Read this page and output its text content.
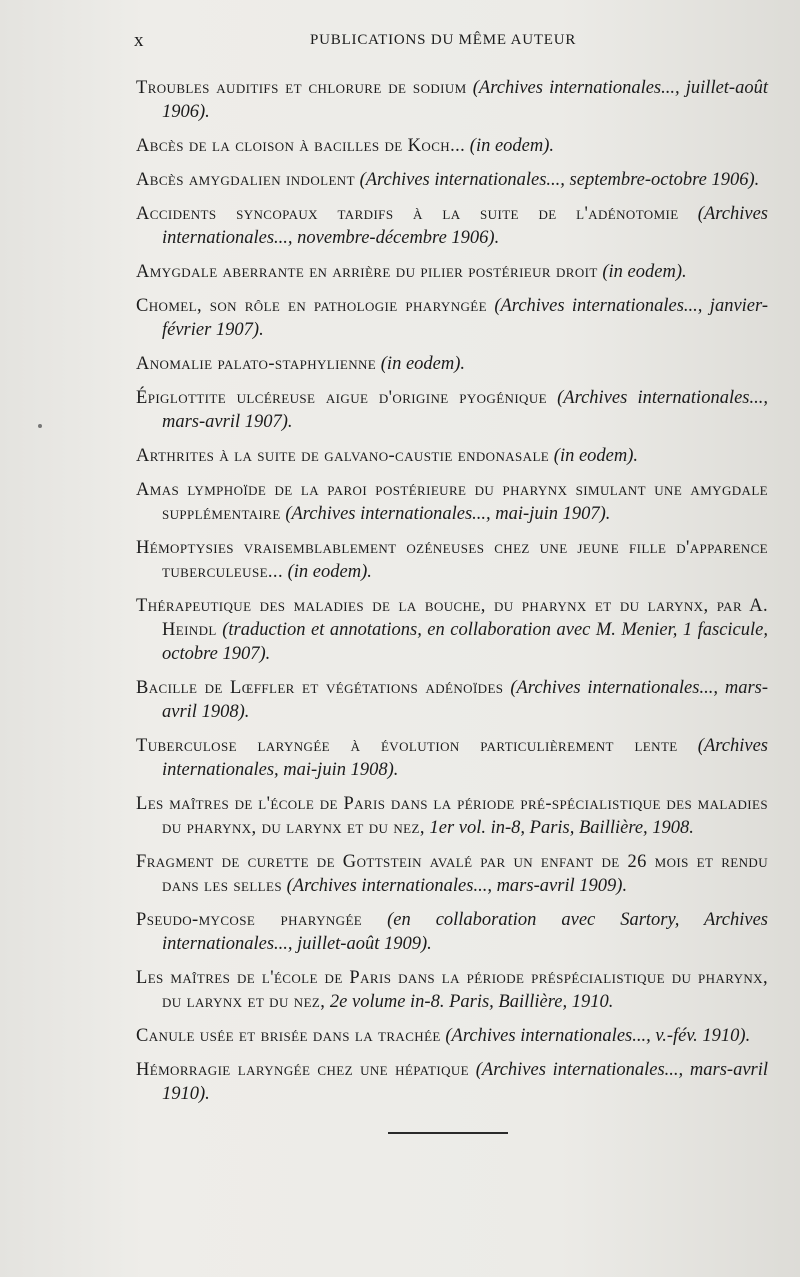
x	PUBLICATIONS DU MÊME AUTEUR
Troubles auditifs et chlorure de sodium (Archives internationales..., juillet-août 1906).
Abcès de la cloison à bacilles de Koch... (in eodem).
Abcès amygdalien indolent (Archives internationales..., septembre-octobre 1906).
Accidents syncopaux tardifs à la suite de l'adénotomie (Archives internationales..., novembre-décembre 1906).
Amygdale aberrante en arrière du pilier postérieur droit (in eodem).
Chomel, son rôle en pathologie pharyngée (Archives internationales..., janvier-février 1907).
Anomalie palato-staphylienne (in eodem).
Épiglottite ulcéreuse aigue d'origine pyogénique (Archives internationales..., mars-avril 1907).
Arthrites à la suite de galvano-caustie endonasale (in eodem).
Amas lymphoïde de la paroi postérieure du pharynx simulant une amygdale supplémentaire (Archives internationales..., mai-juin 1907).
Hémoptysies vraisemblablement ozéneuses chez une jeune fille d'apparence tuberculeuse... (in eodem).
Thérapeutique des maladies de la bouche, du pharynx et du larynx, par A. Heindl (traduction et annotations, en collaboration avec M. Menier, 1 fascicule, octobre 1907).
Bacille de Lœffler et végétations adénoïdes (Archives internationales..., mars-avril 1908).
Tuberculose laryngée à évolution particulièrement lente (Archives internationales, mai-juin 1908).
Les maîtres de l'école de Paris dans la période pré-spécialistique des maladies du pharynx, du larynx et du nez, 1er vol. in-8, Paris, Baillière, 1908.
Fragment de curette de Gottstein avalé par un enfant de 26 mois et rendu dans les selles (Archives internationales..., mars-avril 1909).
Pseudo-mycose pharyngée (en collaboration avec Sartory, Archives internationales..., juillet-août 1909).
Les maîtres de l'école de Paris dans la période préspécialistique du pharynx, du larynx et du nez, 2e volume in-8. Paris, Baillière, 1910.
Canule usée et brisée dans la trachée (Archives internationales..., v.-fév. 1910).
Hémorragie laryngée chez une hépatique (Archives internationales..., mars-avril 1910).
